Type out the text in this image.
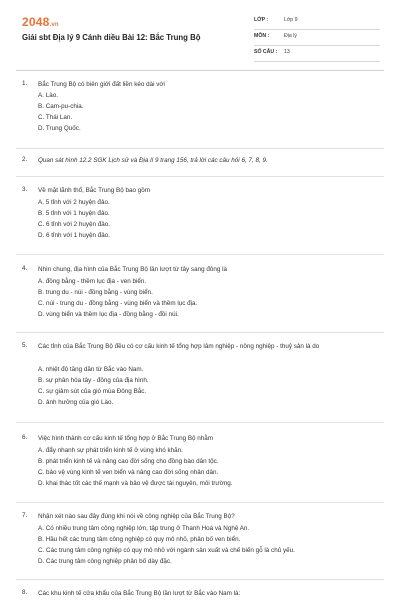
2048.vn
Giải sbt Địa lý 9 Cánh diều Bài 12: Bắc Trung Bộ
LỚP :	Lớp 9
MÔN :	Địa lý
SỐ CÂU : 13
1. Bắc Trung Bộ có biên giới đất liền kéo dài với
A. Lào.
B. Cam-pu-chia.
C. Thái Lan.
D. Trung Quốc.
2. Quan sát hình 12.2 SGK Lịch sử và Địa lí 9 trang 156, trả lời các câu hỏi 6, 7, 8, 9.
3. Về mặt lãnh thổ, Bắc Trung Bộ bao gồm
A. 5 tỉnh với 2 huyện đảo.
B. 5 tỉnh với 1 huyện đảo.
C. 6 tỉnh với 2 huyện đảo.
D. 6 tỉnh với 1 huyện đảo.
4. Nhìn chung, địa hình của Bắc Trung Bộ lần lượt từ tây sang đông là
A. đồng bằng - thềm lục địa - ven biển.
B. trung du - núi - đồng bằng - vùng biển.
C. núi - trung du - đồng bằng - vùng biển và thềm lục địa.
D. vùng biển và thềm lục địa - đồng bằng - đồi núi.
5. Các tỉnh của Bắc Trung Bộ đều có cơ cấu kinh tế tổng hợp lâm nghiệp - nông nghiệp - thuỷ sản là do
A. nhiệt độ tăng dần từ Bắc vào Nam.
B. sự phân hóa tây - đông của địa hình.
C. sự giảm sút của gió mùa Đông Bắc.
D. ảnh hưởng của gió Lào.
6. Việc hình thành cơ cấu kinh tế tổng hợp ở Bắc Trung Bộ nhằm
A. đẩy nhanh sự phát triển kinh tế ở vùng khó khăn.
B. phát triển kinh tế và nâng cao đời sống cho đồng bào dân tộc.
C. bảo vệ vùng kinh tế ven biển và nâng cao đời sống nhân dân.
D. khai thác tốt các thế mạnh và bảo vệ được tài nguyên, môi trường.
7. Nhận xét nào sau đây đúng khi nói về công nghiệp của Bắc Trung Bộ?
A. Có nhiều trung tâm công nghiệp lớn, tập trung ở Thanh Hoá và Nghệ An.
B. Hầu hết các trung tâm công nghiệp có quy mô nhỏ, phân bố ven biển.
C. Các trung tâm công nghiệp có quy mô nhỏ với ngành sản xuất và chế biến gỗ là chủ yếu.
D. Các trung tâm công nghiệp phân bố dày đặc.
8. Các khu kinh tế cửa khẩu của Bắc Trung Bộ lần lượt từ Bắc vào Nam là:
